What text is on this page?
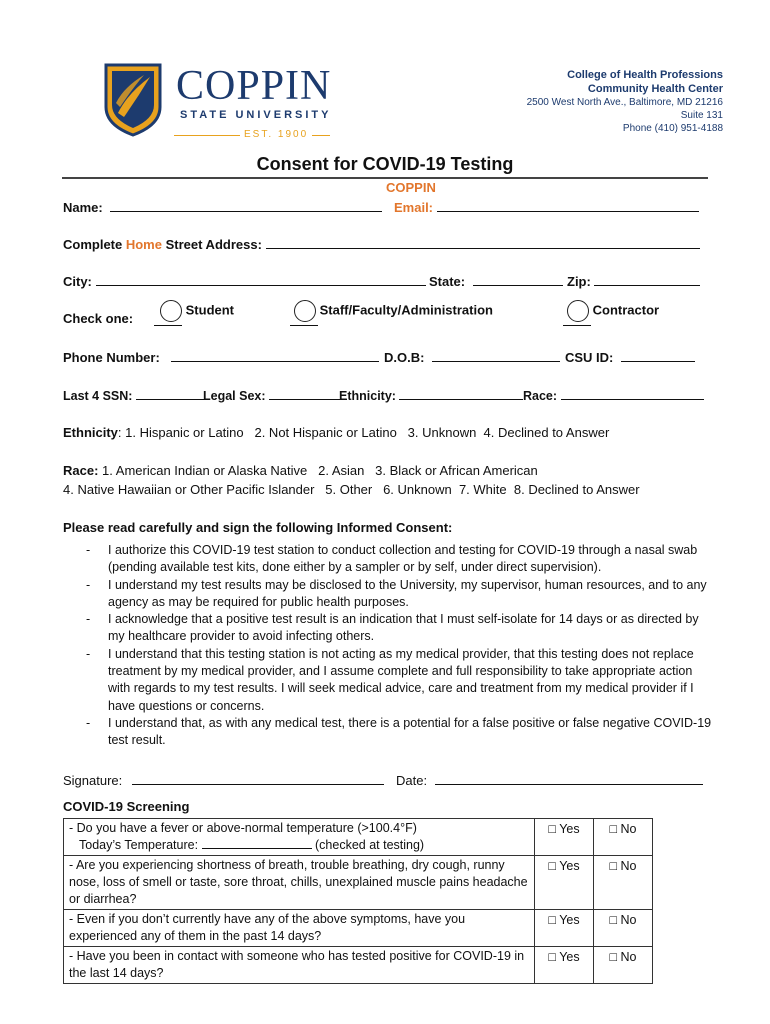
COPPIN
STATE UNIVERSITY
EST. 1900
College of Health Professions
Community Health Center
2500 West North Ave., Baltimore, MD 21216
Suite 131
Phone (410) 951-4188
Consent for COVID-19 Testing
COPPIN
Name:	Email:
Complete Home Street Address:
City:	State:	Zip:
Check one:
Student	Staff/Faculty/Administration	Contractor
Phone Number:	D.O.B:	CSU ID:
Last 4 SSN:	Legal Sex:	Ethnicity:	Race:
Ethnicity: 1. Hispanic or Latino   2. Not Hispanic or Latino   3. Unknown  4. Declined to Answer
Race: 1. American Indian or Alaska Native   2. Asian   3. Black or African American
4. Native Hawaiian or Other Pacific Islander   5. Other   6. Unknown  7. White  8. Declined to Answer
Please read carefully and sign the following Informed Consent:
- I authorize this COVID-19 test station to conduct collection and testing for COVID-19 through a nasal swab (pending available test kits, done either by a sampler or by self, under direct supervision).
- I understand my test results may be disclosed to the University, my supervisor, human resources, and to any agency as may be required for public health purposes.
- I acknowledge that a positive test result is an indication that I must self-isolate for 14 days or as directed by my healthcare provider to avoid infecting others.
- I understand that this testing station is not acting as my medical provider, that this testing does not replace treatment by my medical provider, and I assume complete and full responsibility to take appropriate action with regards to my test results. I will seek medical advice, care and treatment from my medical provider if I have questions or concerns.
- I understand that, as with any medical test, there is a potential for a false positive or false negative COVID-19 test result.
Signature:	Date:
COVID-19 Screening
- Do you have a fever or above-normal temperature (>100.4°F)
Today’s Temperature: (checked at testing)	□ Yes	□ No
- Are you experiencing shortness of breath, trouble breathing, dry cough, runny nose, loss of smell or taste, sore throat, chills, unexplained muscle pains headache or diarrhea?	□ Yes	□ No
- Even if you don’t currently have any of the above symptoms, have you experienced any of them in the past 14 days?	□ Yes	□ No
- Have you been in contact with someone who has tested positive for COVID-19 in the last 14 days?	□ Yes	□ No
